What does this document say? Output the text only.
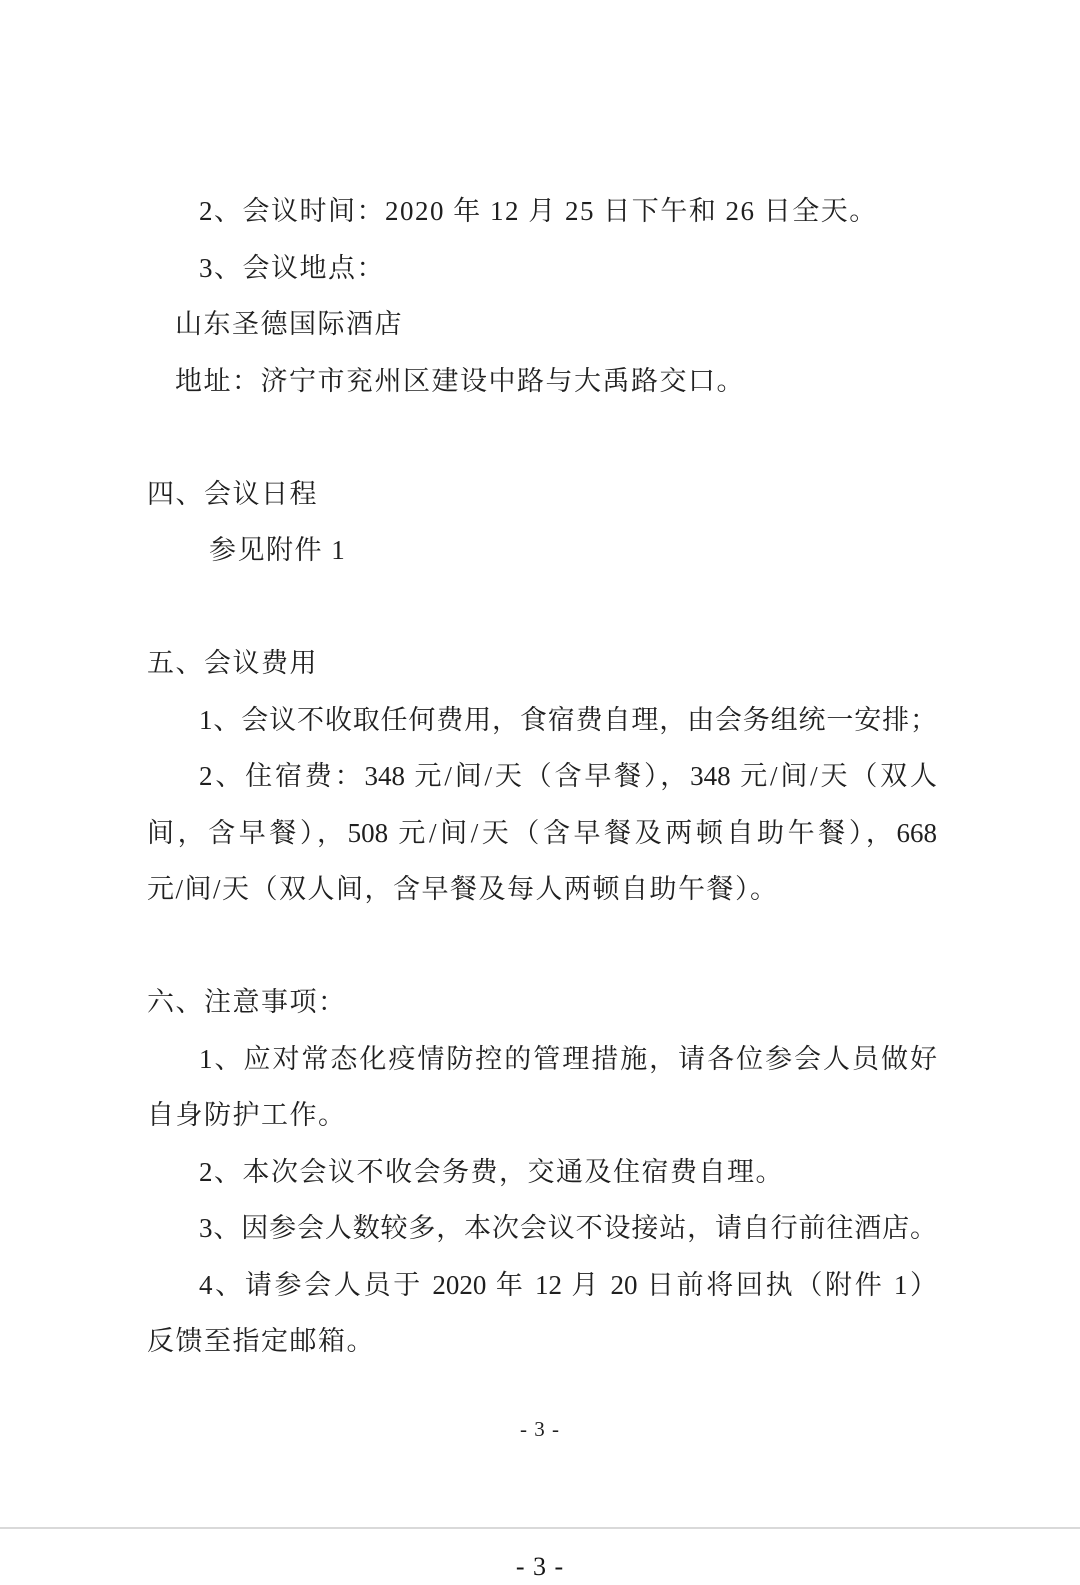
2、会议时间：2020 年 12 月 25 日下午和 26 日全天。
3、会议地点：
山东圣德国际酒店
地址：济宁市兖州区建设中路与大禹路交口。
四、会议日程
参见附件 1
五、会议费用
1、会议不收取任何费用，食宿费自理，由会务组统一安排；
2、住宿费：348 元/间/天（含早餐），348 元/间/天（双人
间，含早餐），508 元/间/天（含早餐及两顿自助午餐），668
元/间/天（双人间，含早餐及每人两顿自助午餐）。
六、注意事项：
1、应对常态化疫情防控的管理措施，请各位参会人员做好
自身防护工作。
2、本次会议不收会务费，交通及住宿费自理。
3、因参会人数较多，本次会议不设接站，请自行前往酒店。
4、请参会人员于 2020 年 12 月 20 日前将回执（附件 1）
反馈至指定邮箱。
- 3 -
- 3 -
